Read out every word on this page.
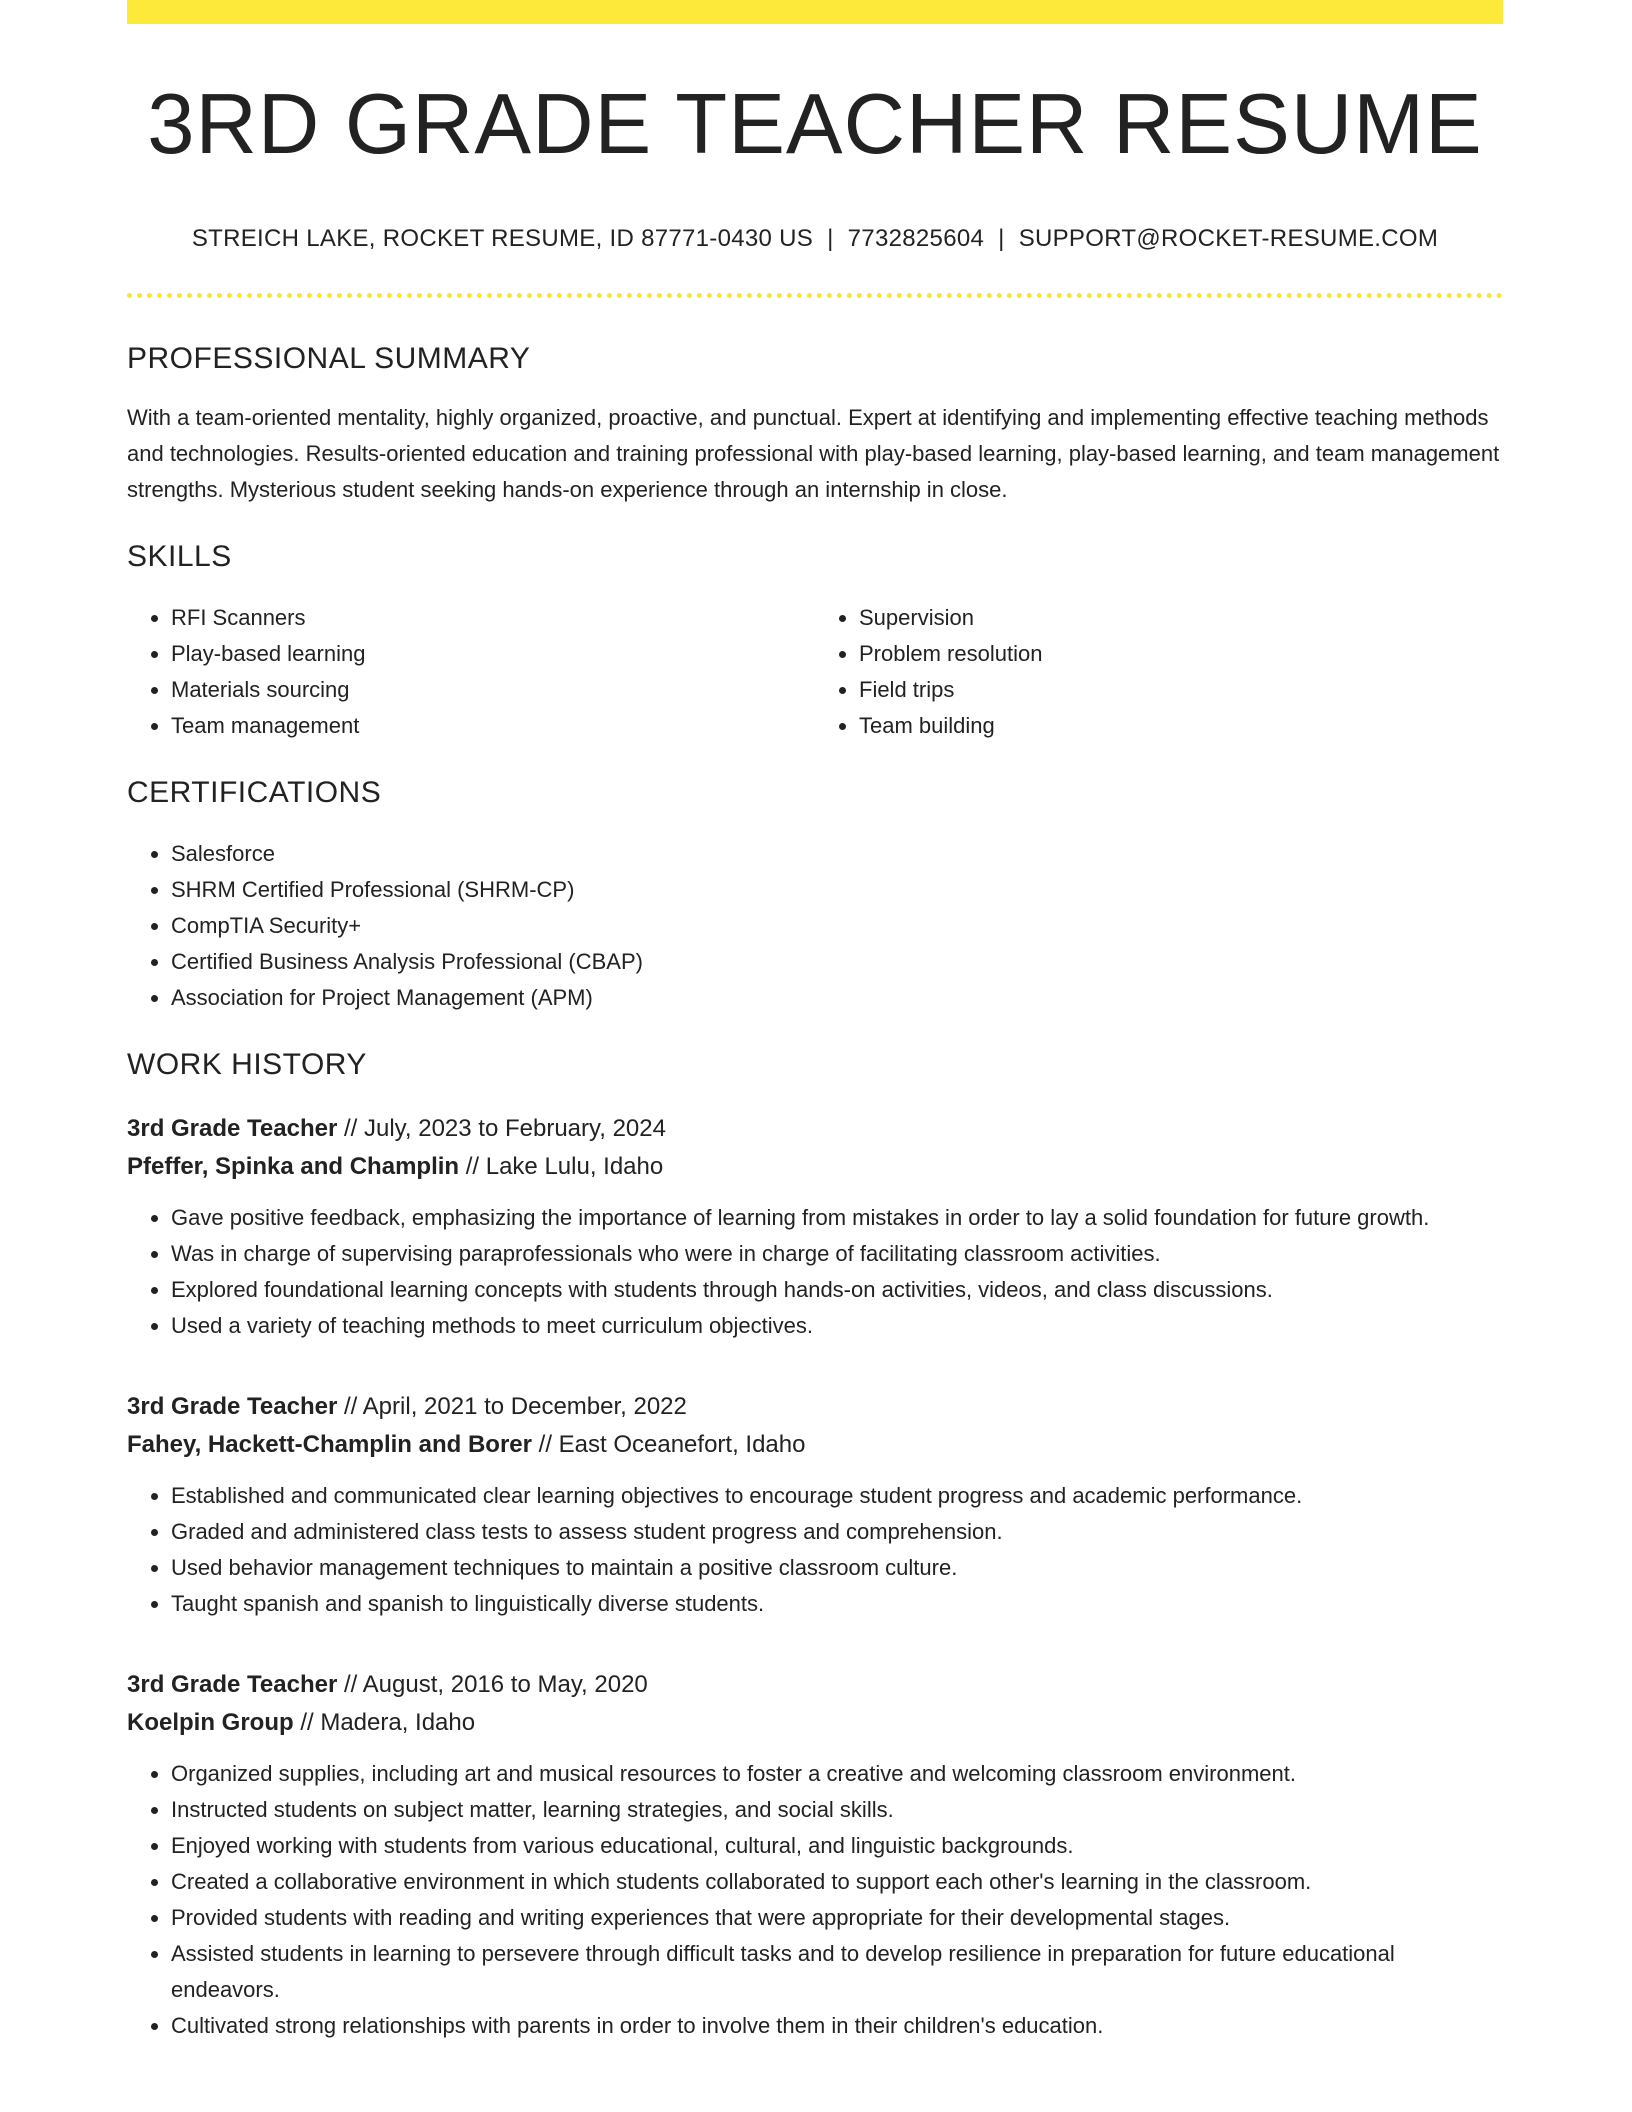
3RD GRADE TEACHER RESUME
STREICH LAKE, ROCKET RESUME, ID 87771-0430 US | 7732825604 | SUPPORT@ROCKET-RESUME.COM
PROFESSIONAL SUMMARY
With a team-oriented mentality, highly organized, proactive, and punctual. Expert at identifying and implementing effective teaching methods and technologies. Results-oriented education and training professional with play-based learning, play-based learning, and team management strengths. Mysterious student seeking hands-on experience through an internship in close.
SKILLS
• RFI Scanners
• Play-based learning
• Materials sourcing
• Team management
• Supervision
• Problem resolution
• Field trips
• Team building
CERTIFICATIONS
• Salesforce
• SHRM Certified Professional (SHRM-CP)
• CompTIA Security+
• Certified Business Analysis Professional (CBAP)
• Association for Project Management (APM)
WORK HISTORY
3rd Grade Teacher // July, 2023 to February, 2024
Pfeffer, Spinka and Champlin // Lake Lulu, Idaho
• Gave positive feedback, emphasizing the importance of learning from mistakes in order to lay a solid foundation for future growth.
• Was in charge of supervising paraprofessionals who were in charge of facilitating classroom activities.
• Explored foundational learning concepts with students through hands-on activities, videos, and class discussions.
• Used a variety of teaching methods to meet curriculum objectives.
3rd Grade Teacher // April, 2021 to December, 2022
Fahey, Hackett-Champlin and Borer // East Oceanefort, Idaho
• Established and communicated clear learning objectives to encourage student progress and academic performance.
• Graded and administered class tests to assess student progress and comprehension.
• Used behavior management techniques to maintain a positive classroom culture.
• Taught spanish and spanish to linguistically diverse students.
3rd Grade Teacher // August, 2016 to May, 2020
Koelpin Group // Madera, Idaho
• Organized supplies, including art and musical resources to foster a creative and welcoming classroom environment.
• Instructed students on subject matter, learning strategies, and social skills.
• Enjoyed working with students from various educational, cultural, and linguistic backgrounds.
• Created a collaborative environment in which students collaborated to support each other's learning in the classroom.
• Provided students with reading and writing experiences that were appropriate for their developmental stages.
• Assisted students in learning to persevere through difficult tasks and to develop resilience in preparation for future educational endeavors.
• Cultivated strong relationships with parents in order to involve them in their children's education.
